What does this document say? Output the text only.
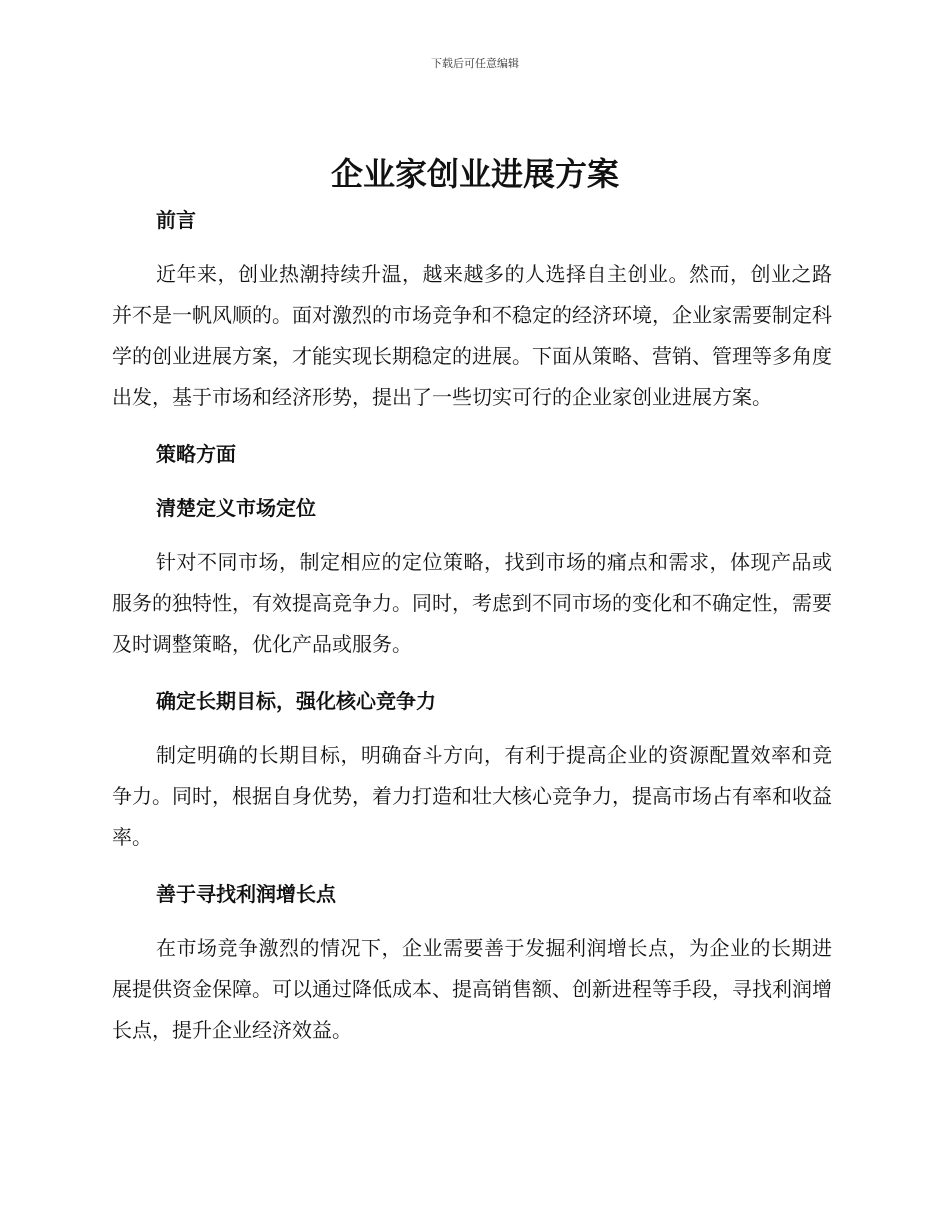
下载后可任意编辑
企业家创业进展方案
前言

近年来，创业热潮持续升温，越来越多的人选择自主创业。然而，创业之路并不是一帆风顺的。面对激烈的市场竞争和不稳定的经济环境，企业家需要制定科学的创业进展方案，才能实现长期稳定的进展。下面从策略、营销、管理等多角度出发，基于市场和经济形势，提出了一些切实可行的企业家创业进展方案。

策略方面
清楚定义市场定位

针对不同市场，制定相应的定位策略，找到市场的痛点和需求，体现产品或服务的独特性，有效提高竞争力。同时，考虑到不同市场的变化和不确定性，需要及时调整策略，优化产品或服务。

确定长期目标，强化核心竞争力

制定明确的长期目标，明确奋斗方向，有利于提高企业的资源配置效率和竞争力。同时，根据自身优势，着力打造和壮大核心竞争力，提高市场占有率和收益率。

善于寻找利润增长点

在市场竞争激烈的情况下，企业需要善于发掘利润增长点，为企业的长期进展提供资金保障。可以通过降低成本、提高销售额、创新进程等手段，寻找利润增长点，提升企业经济效益。
